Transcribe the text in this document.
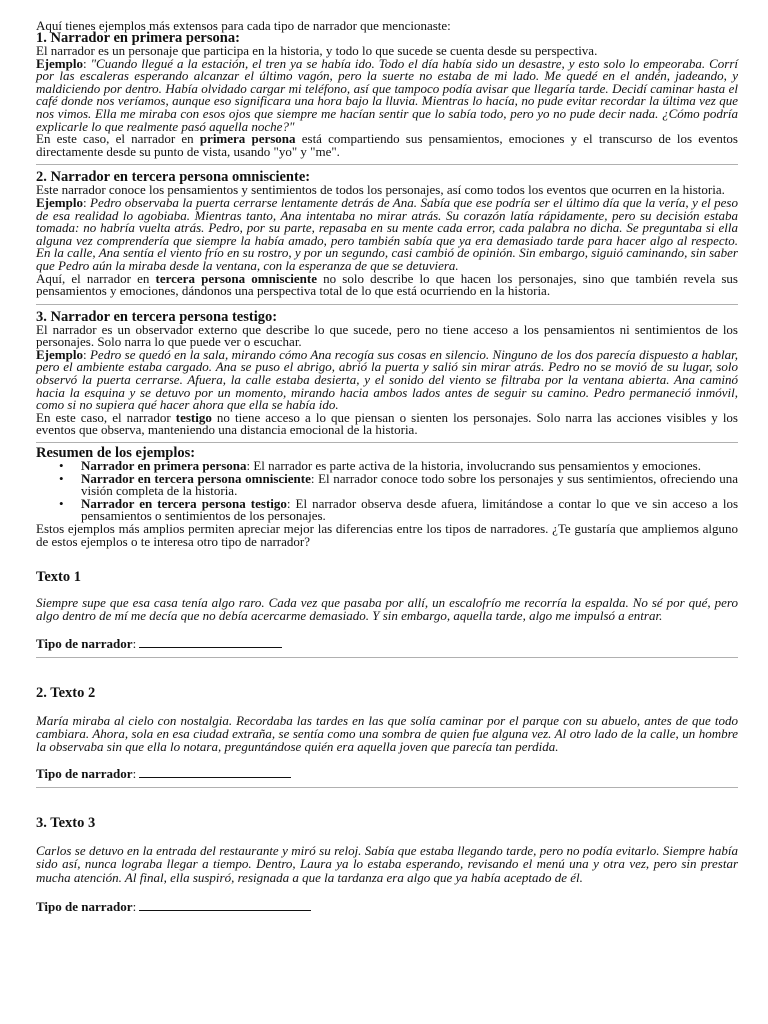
Aquí tienes ejemplos más extensos para cada tipo de narrador que mencionaste:

1. Narrador en primera persona:

El narrador es un personaje que participa en la historia, y todo lo que sucede se cuenta desde su perspectiva.

Ejemplo: "Cuando llegué a la estación, el tren ya se había ido. Todo el día había sido un desastre, y esto solo lo empeoraba. Corrí por las escaleras esperando alcanzar el último vagón, pero la suerte no estaba de mi lado. Me quedé en el andén, jadeando, y maldiciendo por dentro. Había olvidado cargar mi teléfono, así que tampoco podía avisar que llegaría tarde. Decidí caminar hasta el café donde nos veríamos, aunque eso significara una hora bajo la lluvia. Mientras lo hacía, no pude evitar recordar la última vez que nos vimos. Ella me miraba con esos ojos que siempre me hacían sentir que lo sabía todo, pero yo no pude decir nada. ¿Cómo podría explicarle lo que realmente pasó aquella noche?"

En este caso, el narrador en primera persona está compartiendo sus pensamientos, emociones y el transcurso de los eventos directamente desde su punto de vista, usando "yo" y "me".

2. Narrador en tercera persona omnisciente:

Este narrador conoce los pensamientos y sentimientos de todos los personajes, así como todos los eventos que ocurren en la historia.

Ejemplo: Pedro observaba la puerta cerrarse lentamente detrás de Ana. Sabía que ese podría ser el último día que la vería, y el peso de esa realidad lo agobiaba. Mientras tanto, Ana intentaba no mirar atrás. Su corazón latía rápidamente, pero su decisión estaba tomada: no habría vuelta atrás. Pedro, por su parte, repasaba en su mente cada error, cada palabra no dicha. Se preguntaba si ella alguna vez comprendería que siempre la había amado, pero también sabía que ya era demasiado tarde para hacer algo al respecto. En la calle, Ana sentía el viento frío en su rostro, y por un segundo, casi cambió de opinión. Sin embargo, siguió caminando, sin saber que Pedro aún la miraba desde la ventana, con la esperanza de que se detuviera.

Aquí, el narrador en tercera persona omnisciente no solo describe lo que hacen los personajes, sino que también revela sus pensamientos y emociones, dándonos una perspectiva total de lo que está ocurriendo en la historia.

3. Narrador en tercera persona testigo:

El narrador es un observador externo que describe lo que sucede, pero no tiene acceso a los pensamientos ni sentimientos de los personajes. Solo narra lo que puede ver o escuchar.

Ejemplo: Pedro se quedó en la sala, mirando cómo Ana recogía sus cosas en silencio. Ninguno de los dos parecía dispuesto a hablar, pero el ambiente estaba cargado. Ana se puso el abrigo, abrió la puerta y salió sin mirar atrás. Pedro no se movió de su lugar, solo observó la puerta cerrarse. Afuera, la calle estaba desierta, y el sonido del viento se filtraba por la ventana abierta. Ana caminó hacia la esquina y se detuvo por un momento, mirando hacia ambos lados antes de seguir su camino. Pedro permaneció inmóvil, como si no supiera qué hacer ahora que ella se había ido.

En este caso, el narrador testigo no tiene acceso a lo que piensan o sienten los personajes. Solo narra las acciones visibles y los eventos que observa, manteniendo una distancia emocional de la historia.

Resumen de los ejemplos:

• Narrador en primera persona: El narrador es parte activa de la historia, involucrando sus pensamientos y emociones.
• Narrador en tercera persona omnisciente: El narrador conoce todo sobre los personajes y sus sentimientos, ofreciendo una visión completa de la historia.
• Narrador en tercera persona testigo: El narrador observa desde afuera, limitándose a contar lo que ve sin acceso a los pensamientos o sentimientos de los personajes.

Estos ejemplos más amplios permiten apreciar mejor las diferencias entre los tipos de narradores. ¿Te gustaría que ampliemos alguno de estos ejemplos o te interesa otro tipo de narrador?

Texto 1

Siempre supe que esa casa tenía algo raro. Cada vez que pasaba por allí, un escalofrío me recorría la espalda. No sé por qué, pero algo dentro de mí me decía que no debía acercarme demasiado. Y sin embargo, aquella tarde, algo me impulsó a entrar.

Tipo de narrador:

2. Texto 2

María miraba al cielo con nostalgia. Recordaba las tardes en las que solía caminar por el parque con su abuelo, antes de que todo cambiara. Ahora, sola en esa ciudad extraña, se sentía como una sombra de quien fue alguna vez. Al otro lado de la calle, un hombre la observaba sin que ella lo notara, preguntándose quién era aquella joven que parecía tan perdida.

Tipo de narrador:

3. Texto 3

Carlos se detuvo en la entrada del restaurante y miró su reloj. Sabía que estaba llegando tarde, pero no podía evitarlo. Siempre había sido así, nunca lograba llegar a tiempo. Dentro, Laura ya lo estaba esperando, revisando el menú una y otra vez, pero sin prestar mucha atención. Al final, ella suspiró, resignada a que la tardanza era algo que ya había aceptado de él.

Tipo de narrador:
